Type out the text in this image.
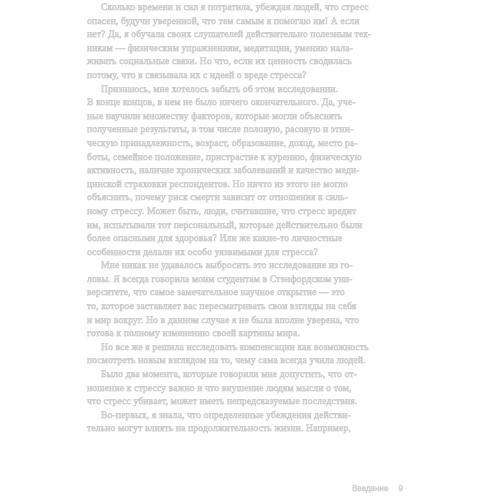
Сколько времени и сил я потратила, убеждая людей, что стресс
опасен, будучи уверенной, что тем самым я помогаю им! А если
нет? Да, я обучала своих слушателей действительно полезным тех-
никам — физическим упражнениям, медитации, умению нала-
живать социальные связи. Но что, если их ценность сводилась
потому, что я связывала их с идеей о вреде стресса?

Признаюсь, мне хотелось забыть об этом исследовании.
В конце концов, в нем не было ничего окончательного. Да, уче-
ные научили множеству факторов, которые могли объяснять
полученные результаты, в том числе половую, расовую и этни-
ческую принадлежность, возраст, образование, доход, место ра-
боты, семейное положение, пристрастие к курению, физическую
активность, наличие хронических заболеваний и качество меди-
цинской страховки респондентов. Но ничто из этого не могло
объяснить, почему риск смерти зависит от отношения к силь-
ному стрессу. Может быть, люди, считавшие, что стресс вредит
им, испытывали тот персональный, которые действительно были
более опасными для здоровья? Или же какие-то личностные
особенности делали их особо уязвимыми для стресса?

Мне никак не удавалось выбросить это исследование из го-
ловы. Я всегда говорила моим студентам в Стэнфордском уни-
верситете, что самое замечательное научное открытие — это
то, которое заставляет вас пересматривать свои взгляды на себя
и мир вокруг. Но в данном случае я не была вполне уверена, что
готова к полному изменению своей картины мира.

Но все же я решила исследовать компенсации как возможность
посмотреть новым взглядом на то, чему сама всегда учила людей.

Было два момента, которые говорили мне допустить, что от-
ношение к стрессу важно и что внушение людям мысли о том,
что стресс убивает, может иметь непредсказуемые последствия.

Во-первых, я знала, что определенные убеждения действи-
тельно могут влиять на продолжительность жизни. Например,

Введение 9
